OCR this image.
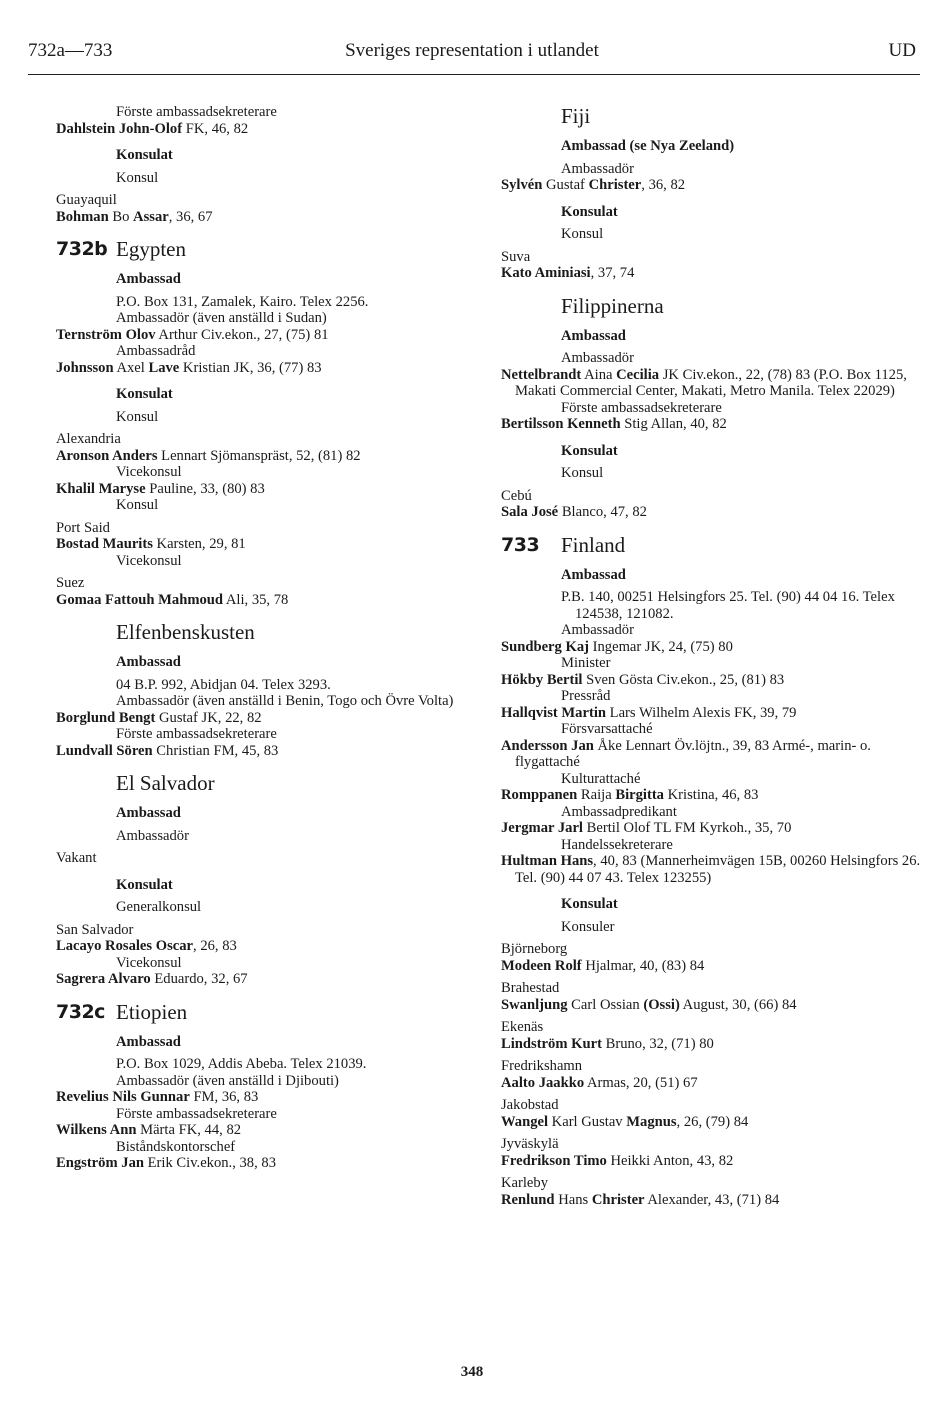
732a—733	Sveriges representation i utlandet	UD
Förste ambassadsekreterare
Dahlstein John-Olof FK, 46, 82
Konsulat
Konsul
Guayaquil
Bohman Bo Assar, 36, 67
732b Egypten
Ambassad
P.O. Box 131, Zamalek, Kairo. Telex 2256.
Ambassadör (även anställd i Sudan)
Ternström Olov Arthur Civ.ekon., 27, (75) 81
Ambassadråd
Johnsson Axel Lave Kristian JK, 36, (77) 83
Konsulat
Konsul
Alexandria
Aronson Anders Lennart Sjömanspräst, 52, (81) 82
Vicekonsul
Khalil Maryse Pauline, 33, (80) 83
Konsul
Port Said
Bostad Maurits Karsten, 29, 81
Vicekonsul
Suez
Gomaa Fattouh Mahmoud Ali, 35, 78
Elfenbenskusten
Ambassad
04 B.P. 992, Abidjan 04. Telex 3293.
Ambassadör (även anställd i Benin, Togo och Övre Volta)
Borglund Bengt Gustaf JK, 22, 82
Förste ambassadsekreterare
Lundvall Sören Christian FM, 45, 83
El Salvador
Ambassad
Ambassadör
Vakant
Konsulat
Generalkonsul
San Salvador
Lacayo Rosales Oscar, 26, 83
Vicekonsul
Sagrera Alvaro Eduardo, 32, 67
732c Etiopien
Ambassad
P.O. Box 1029, Addis Abeba. Telex 21039.
Ambassadör (även anställd i Djibouti)
Revelius Nils Gunnar FM, 36, 83
Förste ambassadsekreterare
Wilkens Ann Märta FK, 44, 82
Biståndskontorschef
Engström Jan Erik Civ.ekon., 38, 83
Fiji
Ambassad (se Nya Zeeland)
Ambassadör
Sylvén Gustaf Christer, 36, 82
Konsulat
Konsul
Suva
Kato Aminiasi, 37, 74
Filippinerna
Ambassad
Ambassadör
Nettelbrandt Aina Cecilia JK Civ.ekon., 22, (78) 83 (P.O. Box 1125, Makati Commercial Center, Makati, Metro Manila. Telex 22029)
Förste ambassadsekreterare
Bertilsson Kenneth Stig Allan, 40, 82
Konsulat
Konsul
Cebú
Sala José Blanco, 47, 82
733 Finland
Ambassad
P.B. 140, 00251 Helsingfors 25. Tel. (90) 44 04 16. Telex 124538, 121082.
Ambassadör
Sundberg Kaj Ingemar JK, 24, (75) 80
Minister
Hökby Bertil Sven Gösta Civ.ekon., 25, (81) 83
Pressråd
Hallqvist Martin Lars Wilhelm Alexis FK, 39, 79
Försvarsattaché
Andersson Jan Åke Lennart Öv.löjtn., 39, 83 Armé-, marin- o. flygattaché
Kulturattaché
Romppanen Raija Birgitta Kristina, 46, 83
Ambassadpredikant
Jergmar Jarl Bertil Olof TL FM Kyrkoh., 35, 70
Handelssekreterare
Hultman Hans, 40, 83 (Mannerheimvägen 15B, 00260 Helsingfors 26. Tel. (90) 44 07 43. Telex 123255)
Konsulat
Konsuler
Björneborg
Modeen Rolf Hjalmar, 40, (83) 84
Brahestad
Swanljung Carl Ossian (Ossi) August, 30, (66) 84
Ekenäs
Lindström Kurt Bruno, 32, (71) 80
Fredrikshamn
Aalto Jaakko Armas, 20, (51) 67
Jakobstad
Wangel Karl Gustav Magnus, 26, (79) 84
Jyväskylä
Fredrikson Timo Heikki Anton, 43, 82
Karleby
Renlund Hans Christer Alexander, 43, (71) 84
348
